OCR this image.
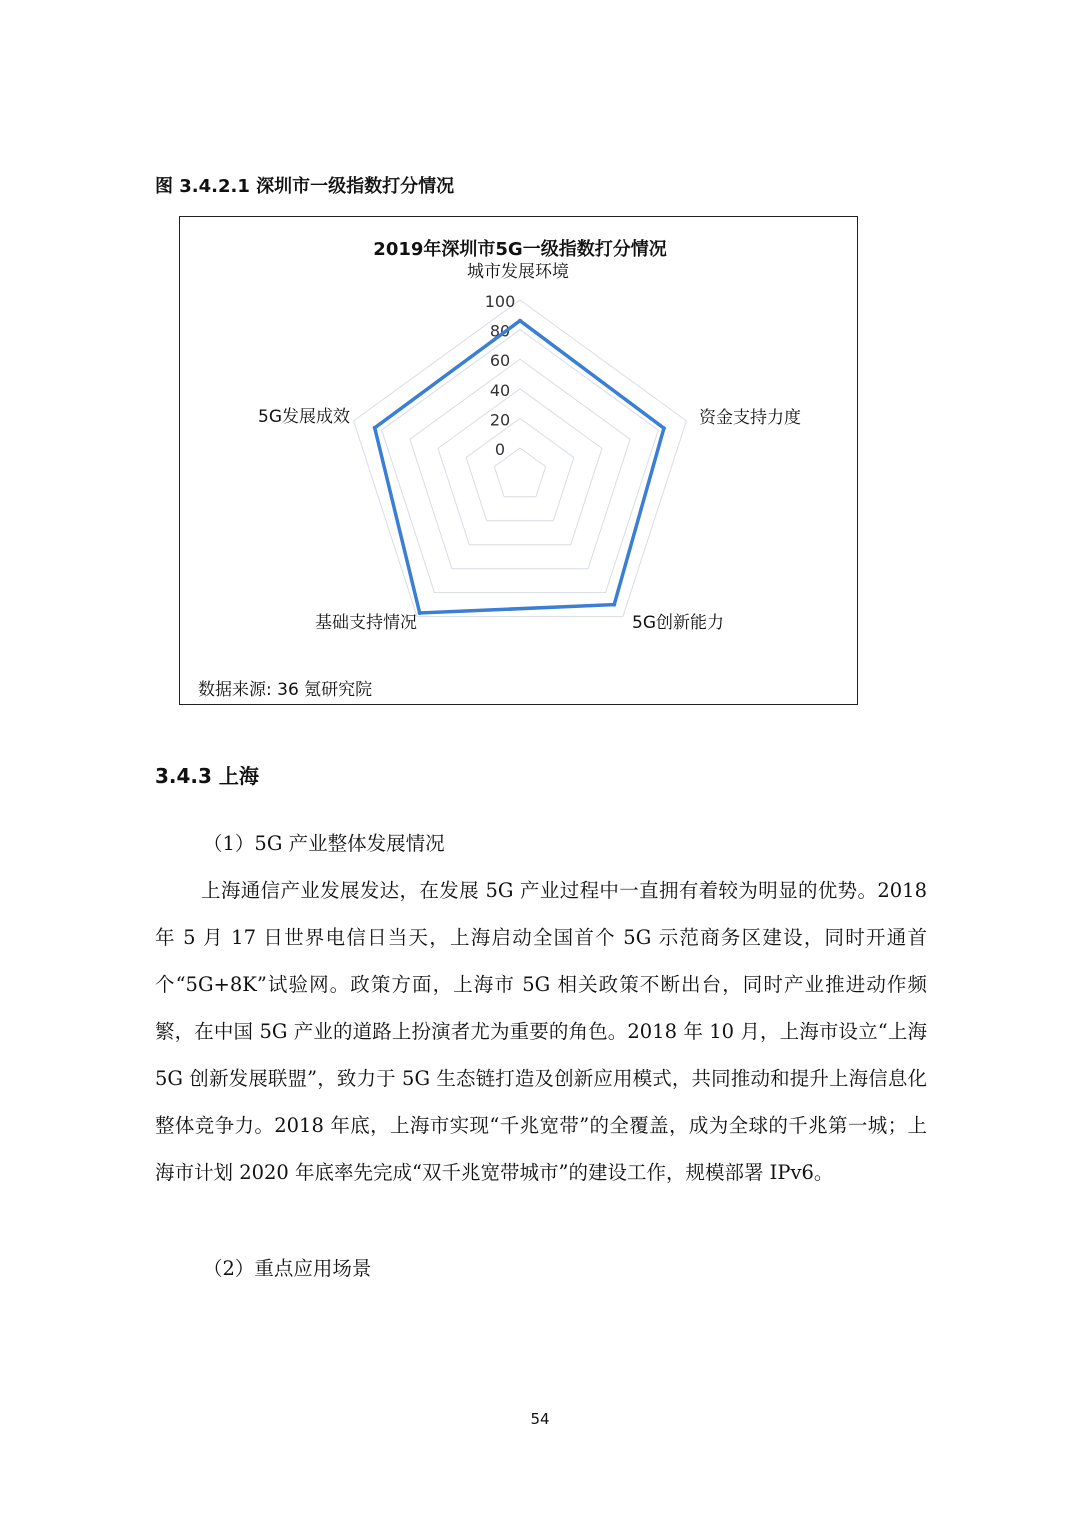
图 3.4.2.1 深圳市一级指数打分情况
2019年深圳市5G一级指数打分情况
0
20
40
60
80
100
城市发展环境
资金支持力度
5G创新能力
基础支持情况
5G发展成效
数据来源: 36 氪研究院
3.4.3 上海
（1）5G 产业整体发展情况
上海通信产业发展发达，在发展 5G 产业过程中一直拥有着较为明显的优势。2018 年 5 月 17 日世界电信日当天，上海启动全国首个 5G 示范商务区建设，同时开通首个“5G+8K”试验网。政策方面，上海市 5G 相关政策不断出台，同时产业推进动作频繁，在中国 5G 产业的道路上扮演者尤为重要的角色。2018 年 10 月，上海市设立“上海 5G 创新发展联盟”，致力于 5G 生态链打造及创新应用模式，共同推动和提升上海信息化整体竞争力。2018 年底，上海市实现“千兆宽带”的全覆盖，成为全球的千兆第一城；上海市计划 2020 年底率先完成“双千兆宽带城市”的建设工作，规模部署 IPv6。
（2）重点应用场景
54
